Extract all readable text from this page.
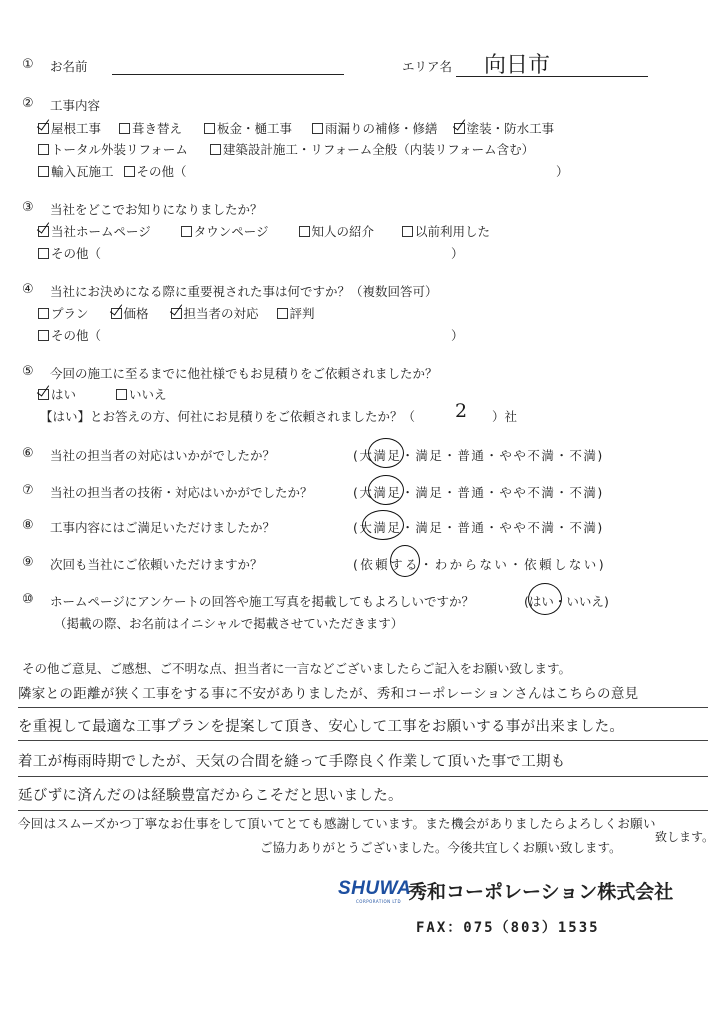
① お名前	エリア名 向日市
② 工事内容
屋根工事 葺き替え	板金・樋工事	雨漏りの補修・修繕 塗装・防水工事
トータル外装リフォーム	建築設計施工・リフォーム全般（内装リフォーム含む）
輸入瓦施工 その他（	）
③ 当社をどこでお知りになりましたか？
当社ホームページ	タウンページ	知人の紹介	以前利用した
その他（	）
④ 当社にお決めになる際に重要視された事は何ですか？（複数回答可）
プラン	価格	担当者の対応 評判
その他（	）
⑤ 今回の施工に至るまでに他社様でもお見積りをご依頼されましたか？
はい	いいえ
【はい】とお答えの方、何社にお見積りをご依頼されましたか？（ 2 ）社
⑥ 当社の担当者の対応はいかがでしたか？	(大満足・満足・普通・やや不満・不満)
⑦ 当社の担当者の技術・対応はいかがでしたか？	(大満足・満足・普通・やや不満・不満)
⑧ 工事内容にはご満足いただけましたか？	(大満足・満足・普通・やや不満・不満)
⑨ 次回も当社にご依頼いただけますか？	(依頼する・わからない・依頼しない)
⑩ ホームページにアンケートの回答や施工写真を掲載してもよろしいですか？	(はい・いいえ)
（掲載の際、お名前はイニシャルで掲載させていただきます）
その他ご意見、ご感想、ご不明な点、担当者に一言などございましたらご記入をお願い致します。
隣家との距離が狭く工事をする事に不安がありましたが、秀和コーポレーションさんはこちらの意見
を重視して最適な工事プランを提案して頂き、安心して工事をお願いする事が出来ました。
着工が梅雨時期でしたが、天気の合間を縫って手際良く作業して頂いた事で工期も
延びずに済んだのは経験豊富だからこそだと思いました。
今回はスムーズかつ丁寧なお仕事をして頂いてとても感謝しています。また機会がありましたらよろしくお願い
致します。
ご協力ありがとうございました。今後共宜しくお願い致します。
SHUWA
CORPORATION LTD 秀和コーポレーション株式会社
FAX：075（803）1535
